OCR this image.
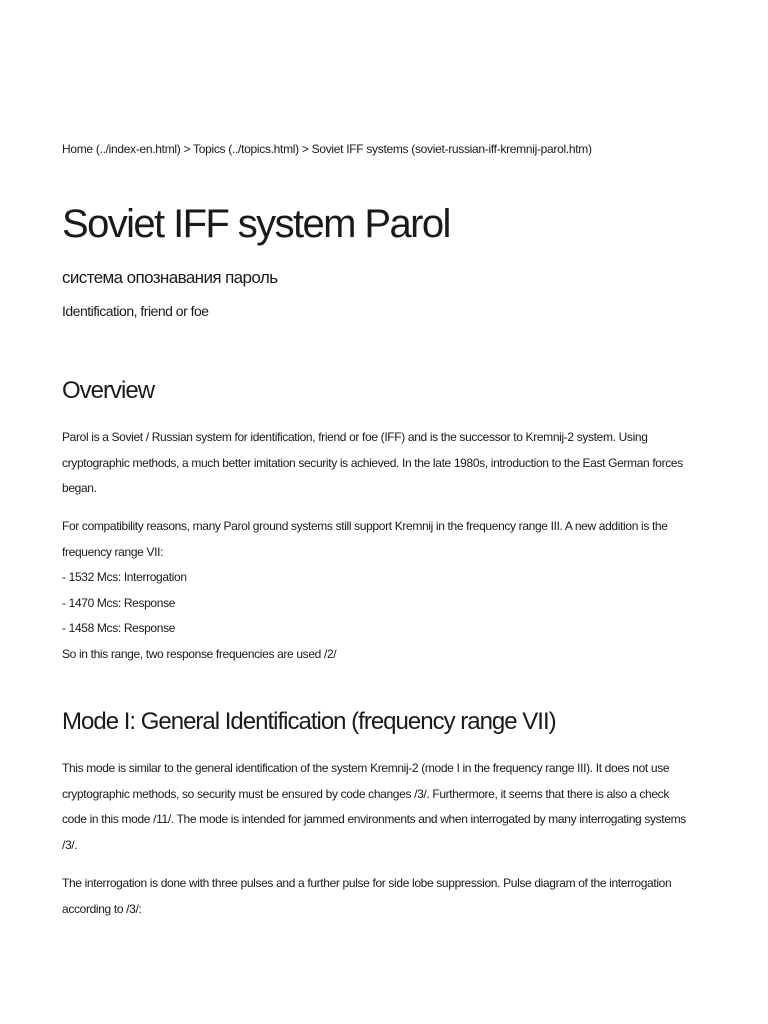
Home (../index-en.html) > Topics (../topics.html) > Soviet IFF systems (soviet-russian-iff-kremnij-parol.htm)
Soviet IFF system Parol
система опознавания пароль
Identification, friend or foe
Overview

Parol is a Soviet / Russian system for identification, friend or foe (IFF) and is the successor to Kremnij-2 system. Using
cryptographic methods, a much better imitation security is achieved. In the late 1980s, introduction to the East German forces
began.

For compatibility reasons, many Parol ground systems still support Kremnij in the frequency range III. A new addition is the
frequency range VII:
- 1532 Mcs: Interrogation
- 1470 Mcs: Response
- 1458 Mcs: Response
So in this range, two response frequencies are used /2/

Mode I: General Identification (frequency range VII)

This mode is similar to the general identification of the system Kremnij-2 (mode I in the frequency range III). It does not use
cryptographic methods, so security must be ensured by code changes /3/. Furthermore, it seems that there is also a check
code in this mode /11/. The mode is intended for jammed environments and when interrogated by many interrogating systems
/3/.

The interrogation is done with three pulses and a further pulse for side lobe suppression. Pulse diagram of the interrogation
according to /3/:
